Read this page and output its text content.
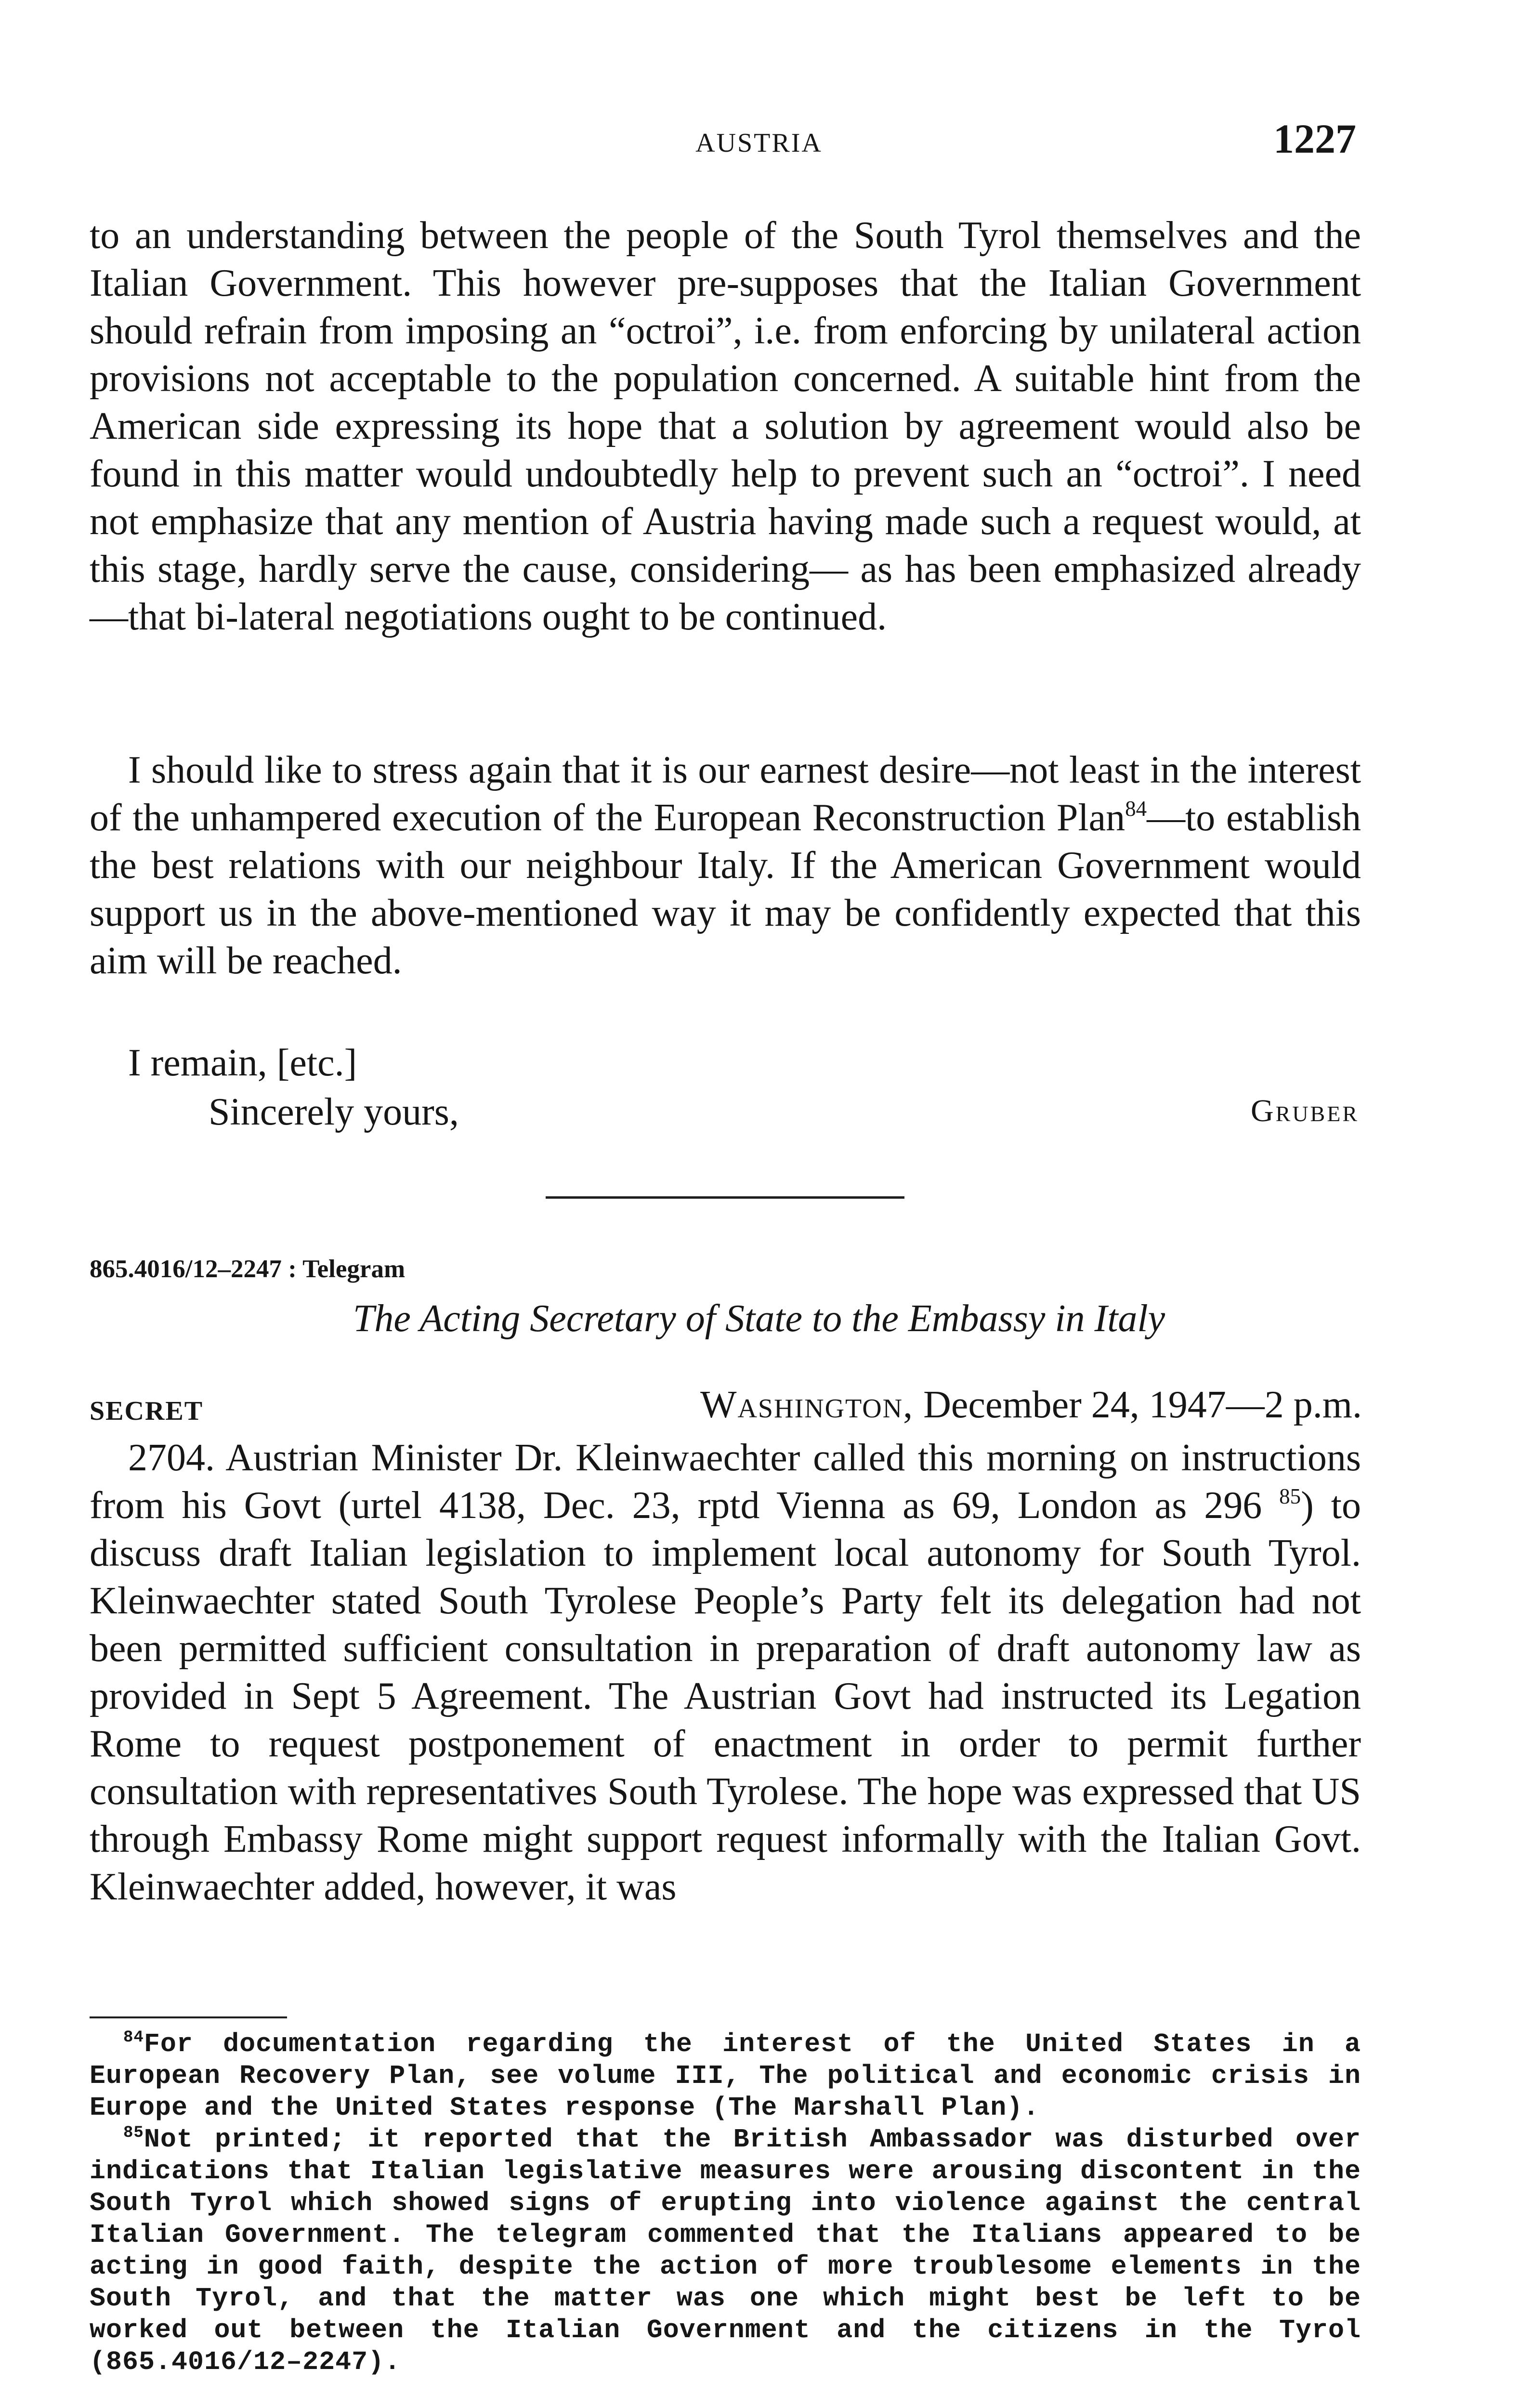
AUSTRIA	1227

to an understanding between the people of the South Tyrol themselves and the Italian Government. This however pre-supposes that the Italian Government should refrain from imposing an “octroi”, i.e. from enforcing by unilateral action provisions not acceptable to the population concerned. A suitable hint from the American side expressing its hope that a solution by agreement would also be found in this matter would undoubtedly help to prevent such an “octroi”. I need not emphasize that any mention of Austria having made such a request would, at this stage, hardly serve the cause, considering— as has been emphasized already—that bi-lateral negotiations ought to be continued.

I should like to stress again that it is our earnest desire—not least in the interest of the unhampered execution of the European Reconstruction Plan$^{84}$—to establish the best relations with our neighbour Italy. If the American Government would support us in the above-mentioned way it may be confidently expected that this aim will be reached.

I remain, [etc.]
Sincerely yours,	Gruber
865.4016/12–2247 : Telegram
The Acting Secretary of State to the Embassy in Italy
SECRET	Washington, December 24, 1947—2 p.m.

2704. Austrian Minister Dr. Kleinwaechter called this morning on instructions from his Govt (urtel 4138, Dec. 23, rptd Vienna as 69, London as 296 $^{85}$) to discuss draft Italian legislation to implement local autonomy for South Tyrol. Kleinwaechter stated South Tyrolese People’s Party felt its delegation had not been permitted sufficient consultation in preparation of draft autonomy law as provided in Sept 5 Agreement. The Austrian Govt had instructed its Legation Rome to request postponement of enactment in order to permit further consultation with representatives South Tyrolese. The hope was expressed that US through Embassy Rome might support request informally with the Italian Govt. Kleinwaechter added, however, it was

$^{84}$For documentation regarding the interest of the United States in a European Recovery Plan, see volume III, The political and economic crisis in Europe and the United States response (The Marshall Plan).

$^{85}$Not printed; it reported that the British Ambassador was disturbed over indications that Italian legislative measures were arousing discontent in the South Tyrol which showed signs of erupting into violence against the central Italian Government. The telegram commented that the Italians appeared to be acting in good faith, despite the action of more troublesome elements in the South Tyrol, and that the matter was one which might best be left to be worked out between the Italian Government and the citizens in the Tyrol (865.4016/12–2247).
